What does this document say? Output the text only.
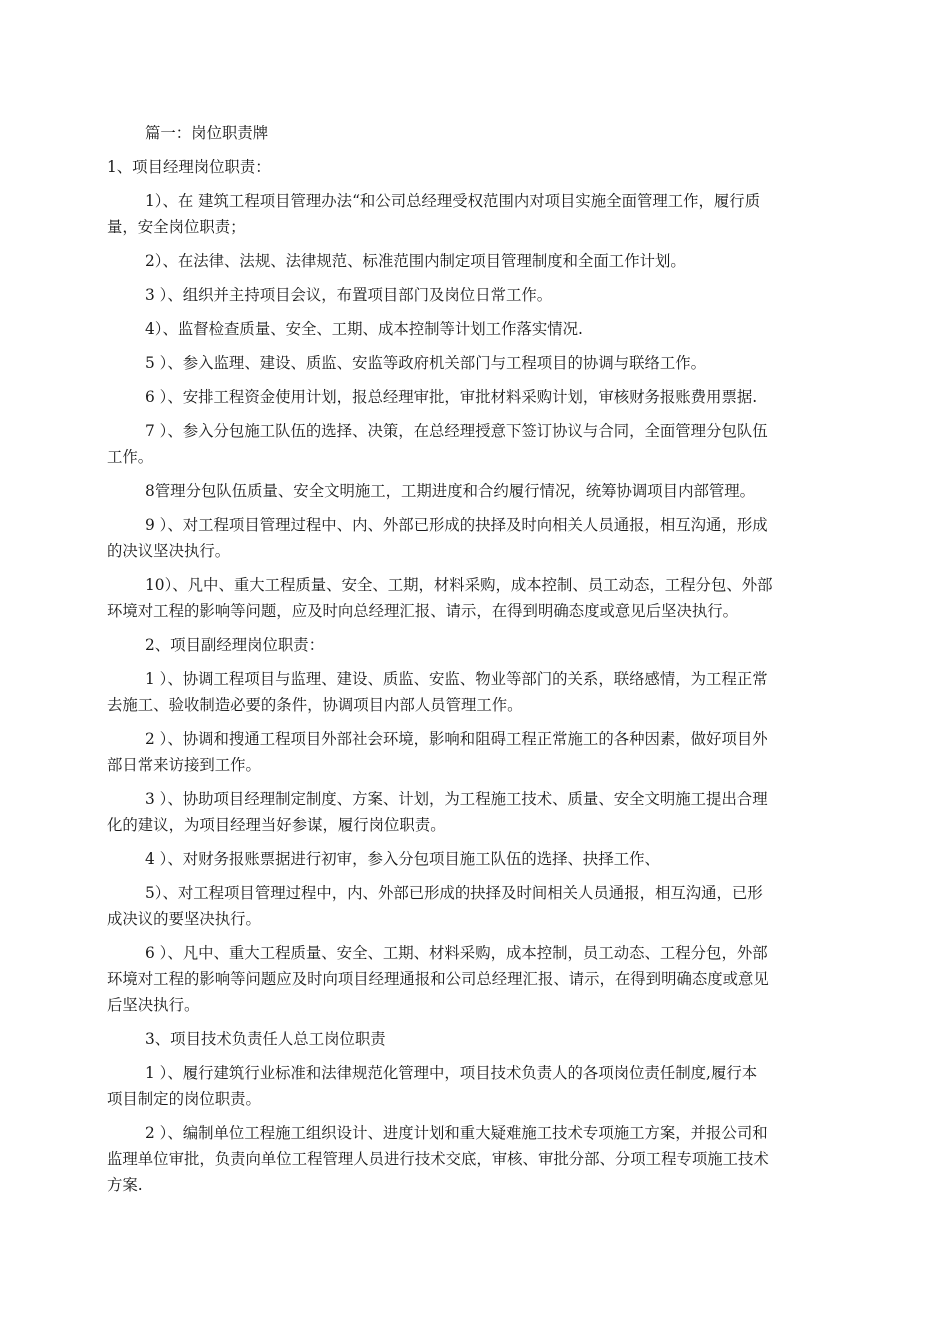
篇一：岗位职责牌

1、项目经理岗位职责：

1）、在 建筑工程项目管理办法“和公司总经理受权范围内对项目实施全面管理工作，履行质

量，安全岗位职责；

2）、在法律、法规、法律规范、标准范围内制定项目管理制度和全面工作计划。

3 ）、组织并主持项目会议，布置项目部门及岗位日常工作。

4）、监督检查质量、安全、工期、成本控制等计划工作落实情况.

5 ）、参入监理、建设、质监、安监等政府机关部门与工程项目的协调与联络工作。

6 ）、安排工程资金使用计划，报总经理审批，审批材料采购计划，审核财务报账费用票据.

7 ）、参入分包施工队伍的选择、决策，在总经理授意下签订协议与合同，全面管理分包队伍

工作。

8管理分包队伍质量、安全文明施工，工期进度和合约履行情况，统筹协调项目内部管理。

9 ）、对工程项目管理过程中、内、外部已形成的抉择及时向相关人员通报，相互沟通，形成

的决议坚决执行。

10）、凡中、重大工程质量、安全、工期，材料采购，成本控制、员工动态，工程分包、外部

环境对工程的影响等问题，应及时向总经理汇报、请示，在得到明确态度或意见后坚决执行。

2、项目副经理岗位职责：

1 ）、协调工程项目与监理、建设、质监、安监、物业等部门的关系，联络感情，为工程正常

去施工、验收制造必要的条件，协调项目内部人员管理工作。

2 ）、协调和搜通工程项目外部社会环境，影响和阻碍工程正常施工的各种因素，做好项目外

部日常来访接到工作。

3 ）、协助项目经理制定制度、方案、计划，为工程施工技术、质量、安全文明施工提出合理

化的建议，为项目经理当好参谋，履行岗位职责。

4 ）、对财务报账票据进行初审，参入分包项目施工队伍的选择、抉择工作、

5）、对工程项目管理过程中，内、外部已形成的抉择及时间相关人员通报，相互沟通，已形

成决议的要坚决执行。

6 ）、凡中、重大工程质量、安全、工期、材料采购，成本控制，员工动态、工程分包，外部

环境对工程的影响等问题应及时向项目经理通报和公司总经理汇报、请示，在得到明确态度或意见

后坚决执行。

3、项目技术负责任人总工岗位职责

1 ）、履行建筑行业标准和法律规范化管理中，项目技术负责人的各项岗位责任制度,履行本

项目制定的岗位职责。

2 ）、编制单位工程施工组织设计、进度计划和重大疑难施工技术专项施工方案，并报公司和

监理单位审批，负责向单位工程管理人员进行技术交底，审核、审批分部、分项工程专项施工技术

方案.
